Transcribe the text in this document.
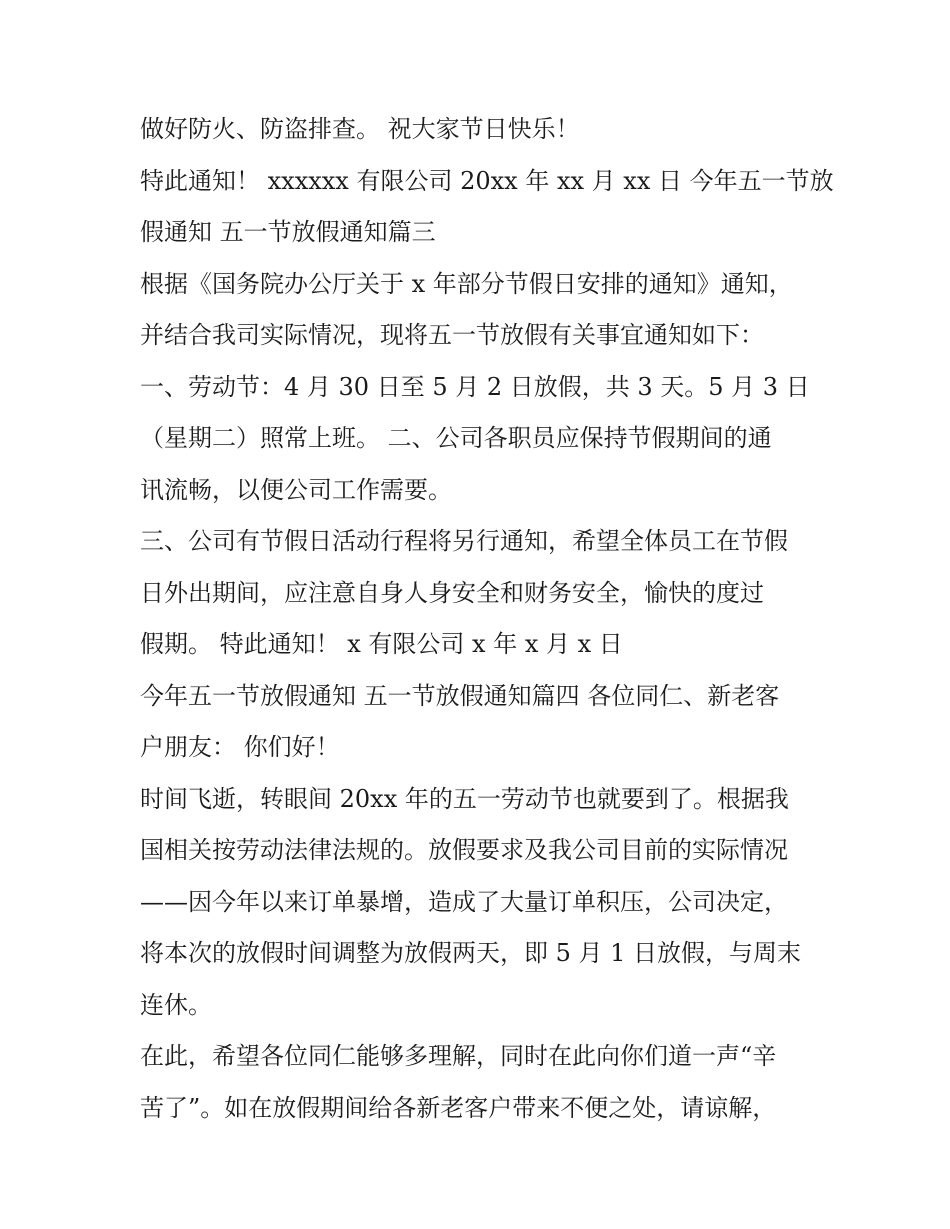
做好防火、防盗排查。 祝大家节日快乐！
特此通知！ xxxxxx 有限公司 20xx 年 xx 月 xx 日 今年五一节放
假通知 五一节放假通知篇三
根据《国务院办公厅关于 x 年部分节假日安排的通知》通知，
并结合我司实际情况，现将五一节放假有关事宜通知如下：
一、劳动节：4 月 30 日至 5 月 2 日放假，共 3 天。5 月 3 日
（星期二）照常上班。 二、公司各职员应保持节假期间的通
讯流畅，以便公司工作需要。
三、公司有节假日活动行程将另行通知，希望全体员工在节假
日外出期间，应注意自身人身安全和财务安全，愉快的度过
假期。 特此通知！ x 有限公司 x 年 x 月 x 日
今年五一节放假通知 五一节放假通知篇四 各位同仁、新老客
户朋友： 你们好！
时间飞逝，转眼间 20xx 年的五一劳动节也就要到了。根据我
国相关按劳动法律法规的。放假要求及我公司目前的实际情况
——因今年以来订单暴增，造成了大量订单积压，公司决定，
将本次的放假时间调整为放假两天，即 5 月 1 日放假，与周末
连休。
在此，希望各位同仁能够多理解，同时在此向你们道一声“辛
苦了”。如在放假期间给各新老客户带来不便之处，请谅解，
